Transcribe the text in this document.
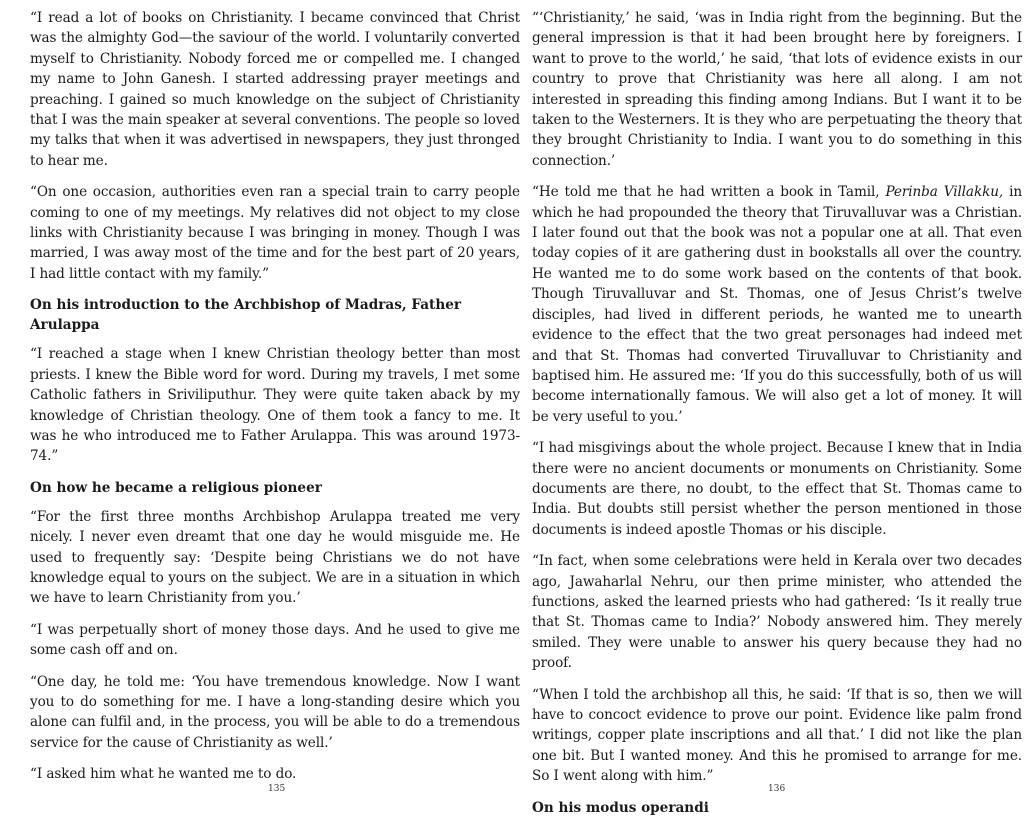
“I read a lot of books on Christianity. I became convinced that Christ was the almighty God—the saviour of the world. I voluntarily converted myself to Christianity. Nobody forced me or compelled me. I changed my name to John Ganesh. I started addressing prayer meetings and preaching. I gained so much knowledge on the subject of Christianity that I was the main speaker at several conventions. The people so loved my talks that when it was advertised in newspapers, they just thronged to hear me.

“On one occasion, authorities even ran a special train to carry people coming to one of my meetings. My relatives did not object to my close links with Christianity because I was bringing in money. Though I was married, I was away most of the time and for the best part of 20 years, I had little contact with my family.”

On his introduction to the Archbishop of Madras, Father Arulappa

“I reached a stage when I knew Christian theology better than most priests. I knew the Bible word for word. During my travels, I met some Catholic fathers in Sriviliputhur. They were quite taken aback by my knowledge of Christian theology. One of them took a fancy to me. It was he who introduced me to Father Arulappa. This was around 1973-74.”

On how he became a religious pioneer

“For the first three months Archbishop Arulappa treated me very nicely. I never even dreamt that one day he would misguide me. He used to frequently say: ‘Despite being Christians we do not have knowledge equal to yours on the subject. We are in a situation in which we have to learn Christianity from you.’

“I was perpetually short of money those days. And he used to give me some cash off and on.

“One day, he told me: ‘You have tremendous knowledge. Now I want you to do something for me. I have a long-standing desire which you alone can fulfil and, in the process, you will be able to do a tremendous service for the cause of Christianity as well.’

“I asked him what he wanted me to do.

“‘Christianity,’ he said, ‘was in India right from the beginning. But the general impression is that it had been brought here by foreigners. I want to prove to the world,’ he said, ‘that lots of evidence exists in our country to prove that Christianity was here all along. I am not interested in spreading this finding among Indians. But I want it to be taken to the Westerners. It is they who are perpetuating the theory that they brought Christianity to India. I want you to do something in this connection.’

“He told me that he had written a book in Tamil, Perinba Villakku, in which he had propounded the theory that Tiruvalluvar was a Christian. I later found out that the book was not a popular one at all. That even today copies of it are gathering dust in bookstalls all over the country. He wanted me to do some work based on the contents of that book. Though Tiruvalluvar and St. Thomas, one of Jesus Christ’s twelve disciples, had lived in different periods, he wanted me to unearth evidence to the effect that the two great personages had indeed met and that St. Thomas had converted Tiruvalluvar to Christianity and baptised him. He assured me: ‘If you do this successfully, both of us will become internationally famous. We will also get a lot of money. It will be very useful to you.’

“I had misgivings about the whole project. Because I knew that in India there were no ancient documents or monuments on Christianity. Some documents are there, no doubt, to the effect that St. Thomas came to India. But doubts still persist whether the person mentioned in those documents is indeed apostle Thomas or his disciple.

“In fact, when some celebrations were held in Kerala over two decades ago, Jawaharlal Nehru, our then prime minister, who attended the functions, asked the learned priests who had gathered: ‘Is it really true that St. Thomas came to India?’ Nobody answered him. They merely smiled. They were unable to answer his query because they had no proof.

“When I told the archbishop all this, he said: ‘If that is so, then we will have to concoct evidence to prove our point. Evidence like palm frond writings, copper plate inscriptions and all that.’ I did not like the plan one bit. But I wanted money. And this he promised to arrange for me. So I went along with him.”

On his modus operandi
135	136
